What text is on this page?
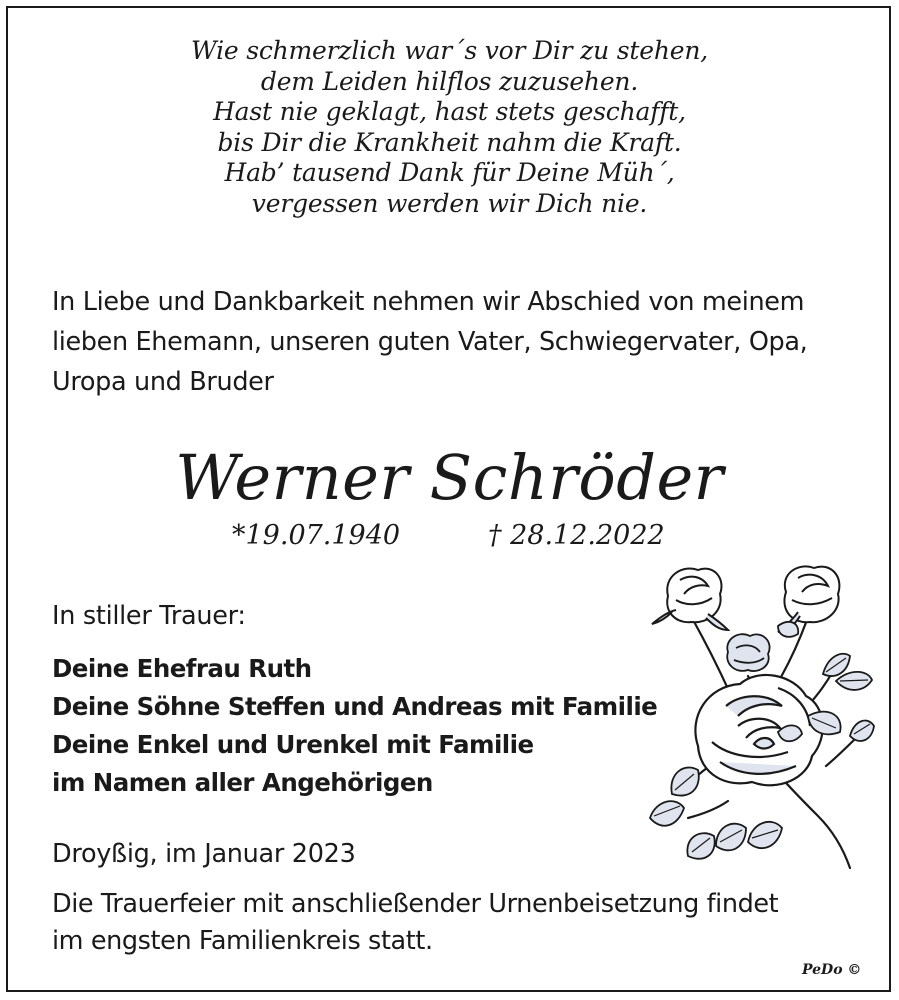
Wie schmerzlich war´s vor Dir zu stehen,
dem Leiden hilflos zuzusehen.
Hast nie geklagt, hast stets geschafft,
bis Dir die Krankheit nahm die Kraft.
Hab’ tausend Dank für Deine Müh´,
vergessen werden wir Dich nie.
In Liebe und Dankbarkeit nehmen wir Abschied von meinem
lieben Ehemann, unseren guten Vater, Schwiegervater, Opa,
Uropa und Bruder
Werner Schröder
*19.07.1940	† 28.12.2022
In stiller Trauer:
Deine Ehefrau Ruth
Deine Söhne Steffen und Andreas mit Familie
Deine Enkel und Urenkel mit Familie
im Namen aller Angehörigen
Droyßig, im Januar 2023
Die Trauerfeier mit anschließender Urnenbeisetzung findet
im engsten Familienkreis statt.
PeDo ©
